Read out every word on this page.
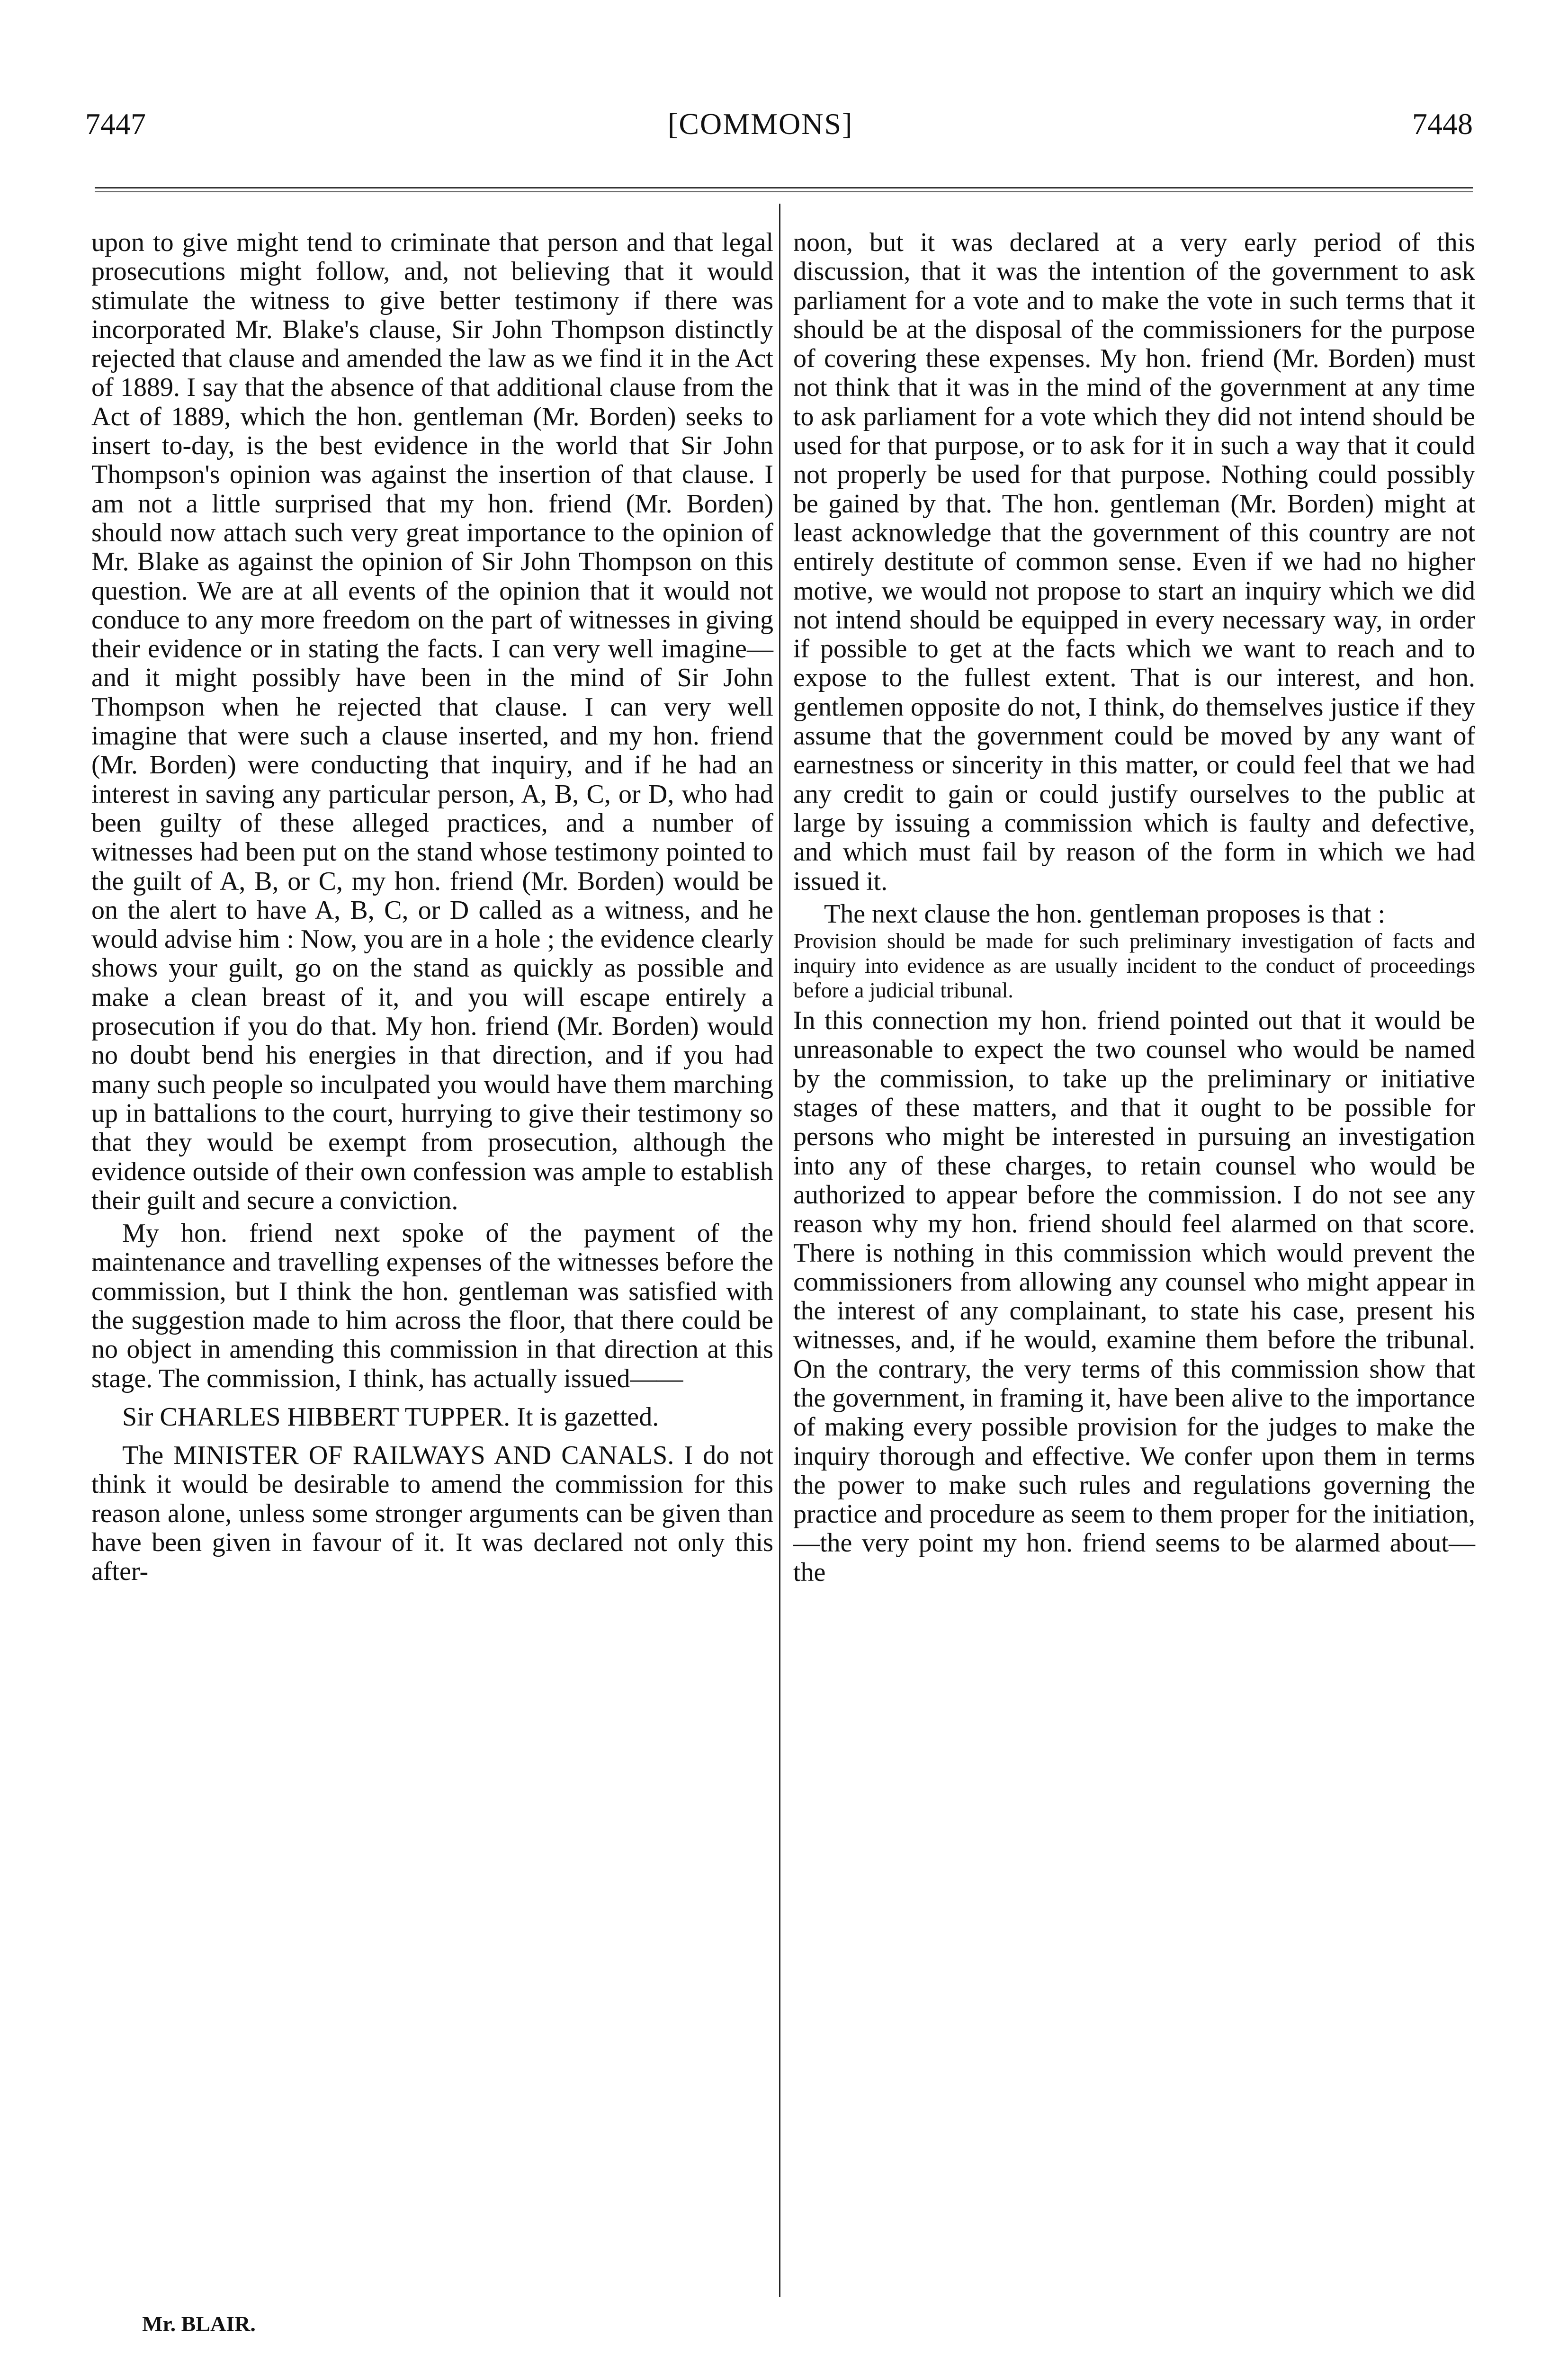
7447	[COMMONS]	7448

upon to give might tend to criminate that person and that legal prosecutions might follow, and, not believing that it would stimulate the witness to give better testimony if there was incorporated Mr. Blake's clause, Sir John Thompson distinctly rejected that clause and amended the law as we find it in the Act of 1889. I say that the absence of that additional clause from the Act of 1889, which the hon. gentleman (Mr. Borden) seeks to insert to-day, is the best evidence in the world that Sir John Thompson's opinion was against the insertion of that clause. I am not a little surprised that my hon. friend (Mr. Borden) should now attach such very great importance to the opinion of Mr. Blake as against the opinion of Sir John Thompson on this question. We are at all events of the opinion that it would not conduce to any more freedom on the part of witnesses in giving their evidence or in stating the facts. I can very well imagine—and it might possibly have been in the mind of Sir John Thompson when he rejected that clause. I can very well imagine that were such a clause inserted, and my hon. friend (Mr. Borden) were conducting that inquiry, and if he had an interest in saving any particular person, A, B, C, or D, who had been guilty of these alleged practices, and a number of witnesses had been put on the stand whose testimony pointed to the guilt of A, B, or C, my hon. friend (Mr. Borden) would be on the alert to have A, B, C, or D called as a witness, and he would advise him : Now, you are in a hole ; the evidence clearly shows your guilt, go on the stand as quickly as possible and make a clean breast of it, and you will escape entirely a prosecution if you do that. My hon. friend (Mr. Borden) would no doubt bend his energies in that direction, and if you had many such people so inculpated you would have them marching up in battalions to the court, hurrying to give their testimony so that they would be exempt from prosecution, although the evidence outside of their own confession was ample to establish their guilt and secure a conviction.

My hon. friend next spoke of the payment of the maintenance and travelling expenses of the witnesses before the commission, but I think the hon. gentleman was satisfied with the suggestion made to him across the floor, that there could be no object in amending this commission in that direction at this stage. The commission, I think, has actually issued——

Sir CHARLES HIBBERT TUPPER. It is gazetted.

The MINISTER OF RAILWAYS AND CANALS. I do not think it would be desirable to amend the commission for this reason alone, unless some stronger arguments can be given than have been given in favour of it. It was declared not only this after-

noon, but it was declared at a very early period of this discussion, that it was the intention of the government to ask parliament for a vote and to make the vote in such terms that it should be at the disposal of the commissioners for the purpose of covering these expenses. My hon. friend (Mr. Borden) must not think that it was in the mind of the government at any time to ask parliament for a vote which they did not intend should be used for that purpose, or to ask for it in such a way that it could not properly be used for that purpose. Nothing could possibly be gained by that. The hon. gentleman (Mr. Borden) might at least acknowledge that the government of this country are not entirely destitute of common sense. Even if we had no higher motive, we would not propose to start an inquiry which we did not intend should be equipped in every necessary way, in order if possible to get at the facts which we want to reach and to expose to the fullest extent. That is our interest, and hon. gentlemen opposite do not, I think, do themselves justice if they assume that the government could be moved by any want of earnestness or sincerity in this matter, or could feel that we had any credit to gain or could justify ourselves to the public at large by issuing a commission which is faulty and defective, and which must fail by reason of the form in which we had issued it.

The next clause the hon. gentleman proposes is that :

Provision should be made for such preliminary investigation of facts and inquiry into evidence as are usually incident to the conduct of proceedings before a judicial tribunal.

In this connection my hon. friend pointed out that it would be unreasonable to expect the two counsel who would be named by the commission, to take up the preliminary or initiative stages of these matters, and that it ought to be possible for persons who might be interested in pursuing an investigation into any of these charges, to retain counsel who would be authorized to appear before the commission. I do not see any reason why my hon. friend should feel alarmed on that score. There is nothing in this commission which would prevent the commissioners from allowing any counsel who might appear in the interest of any complainant, to state his case, present his witnesses, and, if he would, examine them before the tribunal. On the contrary, the very terms of this commission show that the government, in framing it, have been alive to the importance of making every possible provision for the judges to make the inquiry thorough and effective. We confer upon them in terms the power to make such rules and regulations governing the practice and procedure as seem to them proper for the initiation,—the very point my hon. friend seems to be alarmed about—the

Mr. BLAIR.
